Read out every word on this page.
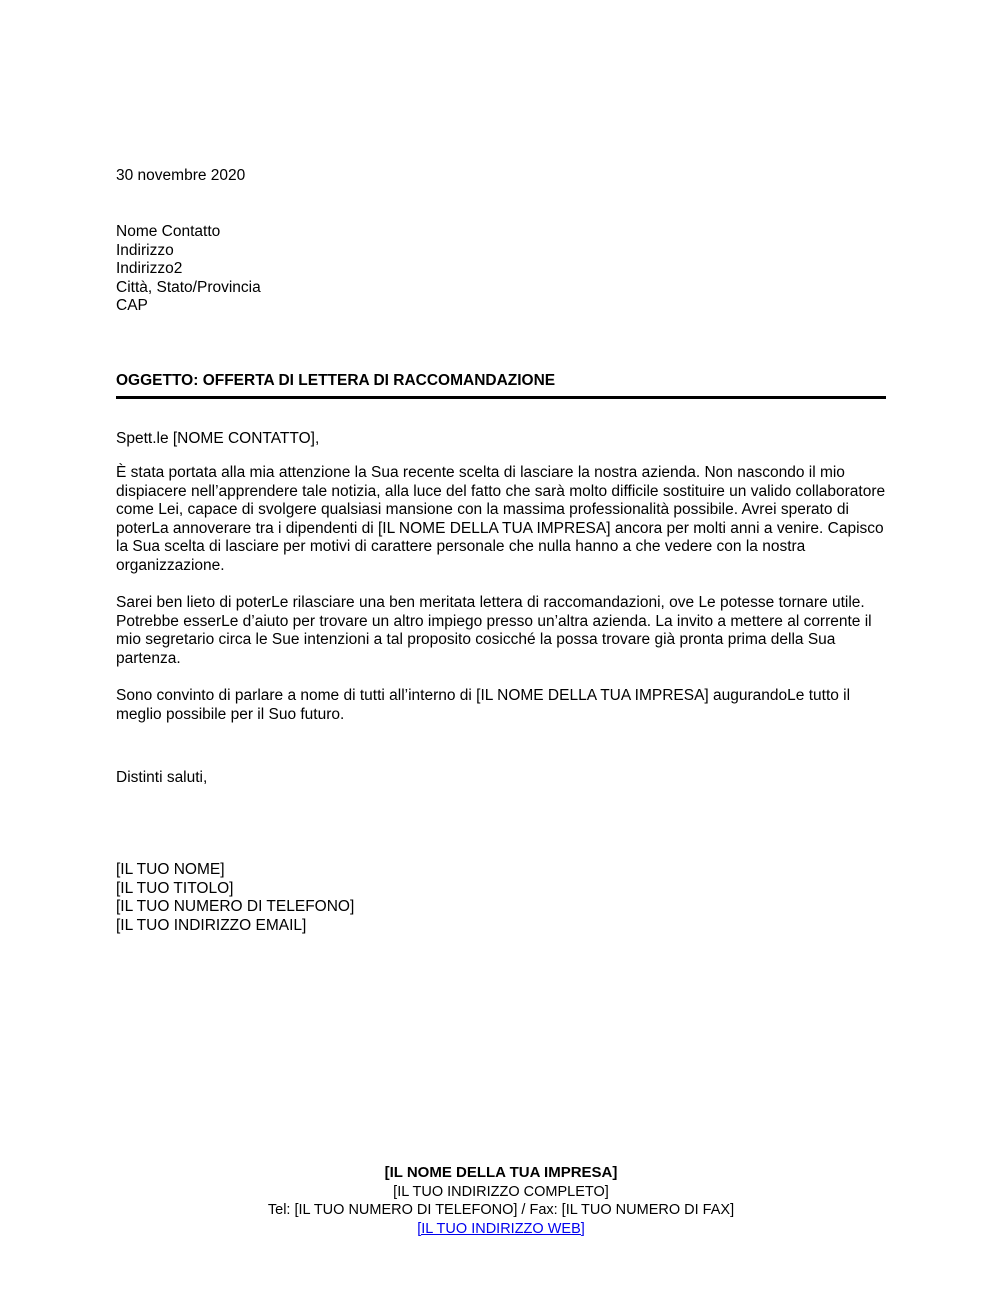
30 novembre 2020
Nome Contatto
Indirizzo
Indirizzo2
Città, Stato/Provincia
CAP
OGGETTO: OFFERTA DI LETTERA DI RACCOMANDAZIONE
Spett.le [NOME CONTATTO],

È stata portata alla mia attenzione la Sua recente scelta di lasciare la nostra azienda. Non nascondo il mio dispiacere nell’apprendere tale notizia, alla luce del fatto che sarà molto difficile sostituire un valido collaboratore come Lei, capace di svolgere qualsiasi mansione con la massima professionalità possibile. Avrei sperato di poterLa annoverare tra i dipendenti di [IL NOME DELLA TUA IMPRESA] ancora per molti anni a venire. Capisco la Sua scelta di lasciare per motivi di carattere personale che nulla hanno a che vedere con la nostra organizzazione.

Sarei ben lieto di poterLe rilasciare una ben meritata lettera di raccomandazioni, ove Le potesse tornare utile. Potrebbe esserLe d’aiuto per trovare un altro impiego presso un’altra azienda. La invito a mettere al corrente il mio segretario circa le Sue intenzioni a tal proposito cosicché la possa trovare già pronta prima della Sua partenza.

Sono convinto di parlare a nome di tutti all’interno di [IL NOME DELLA TUA IMPRESA] augurandoLe tutto il meglio possibile per il Suo futuro.

Distinti saluti,
[IL TUO NOME]
[IL TUO TITOLO]
[IL TUO NUMERO DI TELEFONO]
[IL TUO INDIRIZZO EMAIL]
[IL NOME DELLA TUA IMPRESA]
[IL TUO INDIRIZZO COMPLETO]
Tel: [IL TUO NUMERO DI TELEFONO] / Fax: [IL TUO NUMERO DI FAX]
[IL TUO INDIRIZZO WEB]
